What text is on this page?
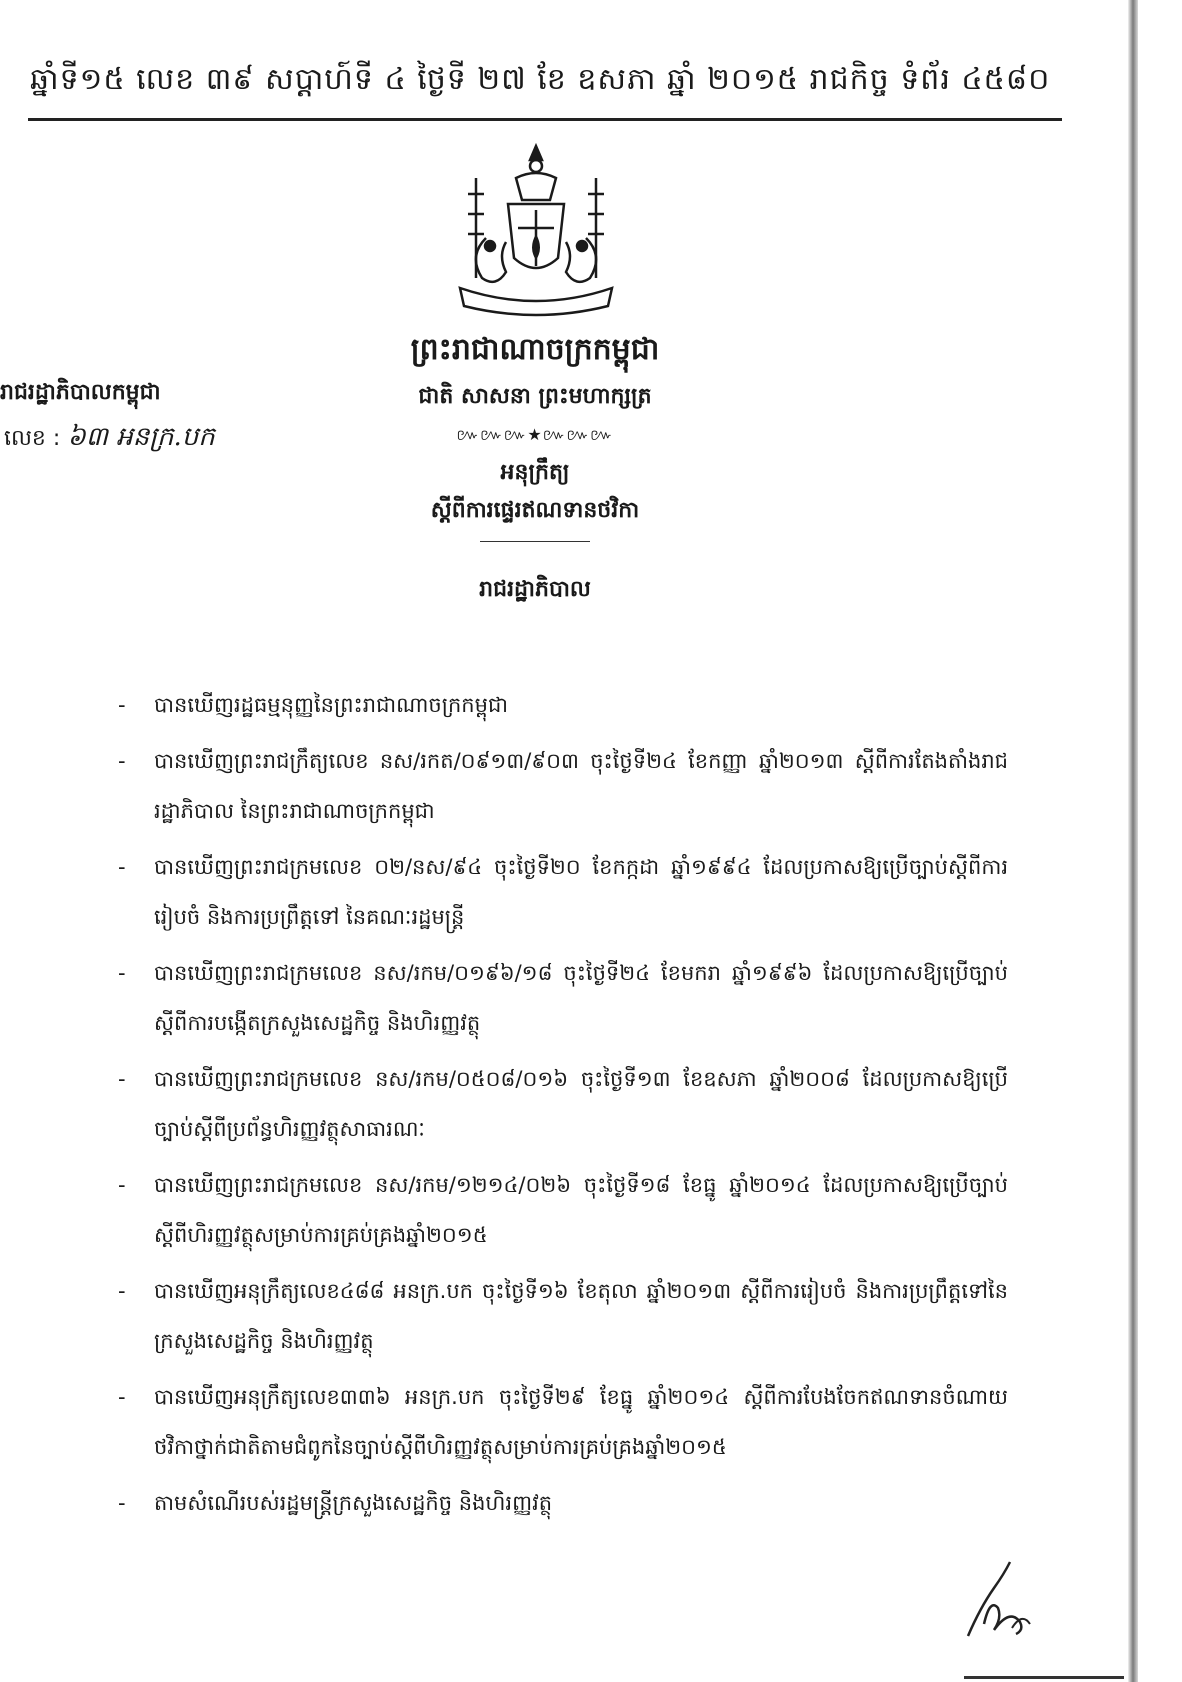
ឆ្នាំទី១៥ លេខ ៣៩ សប្តាហ៍ទី ៤ ថ្ងៃទី ២៧ ខែ ឧសភា ឆ្នាំ ២០១៥ រាជកិច្ច ទំព័រ ៤៥៨០
ព្រះរាជាណាចក្រកម្ពុជា
ជាតិ សាសនា ព្រះមហាក្សត្រ
៚៚៚★៚៚៚
រាជរដ្ឋាភិបាលកម្ពុជា
លេខ : ៦៣ អនក្រ.បក
អនុក្រឹត្យ
ស្តីពីការផ្ទេរឥណទានថវិកា
រាជរដ្ឋាភិបាល
- បានឃើញរដ្ឋធម្មនុញ្ញនៃព្រះរាជាណាចក្រកម្ពុជា
- បានឃើញព្រះរាជក្រឹត្យលេខ នស/រកត/០៩១៣/៩០៣ ចុះថ្ងៃទី២៤ ខែកញ្ញា ឆ្នាំ២០១៣ ស្តីពីការតែងតាំងរាជរដ្ឋាភិបាល នៃព្រះរាជាណាចក្រកម្ពុជា
- បានឃើញព្រះរាជក្រមលេខ ០២/នស/៩៤ ចុះថ្ងៃទី២០ ខែកក្កដា ឆ្នាំ១៩៩៤ ដែលប្រកាសឱ្យប្រើច្បាប់ស្តីពីការរៀបចំ និងការប្រព្រឹត្តទៅ នៃគណៈរដ្ឋមន្ត្រី
- បានឃើញព្រះរាជក្រមលេខ នស/រកម/០១៩៦/១៨ ចុះថ្ងៃទី២៤ ខែមករា ឆ្នាំ១៩៩៦ ដែលប្រកាសឱ្យប្រើច្បាប់ស្តីពីការបង្កើតក្រសួងសេដ្ឋកិច្ច និងហិរញ្ញវត្ថុ
- បានឃើញព្រះរាជក្រមលេខ នស/រកម/០៥០៨/០១៦ ចុះថ្ងៃទី១៣ ខែឧសភា ឆ្នាំ២០០៨ ដែលប្រកាសឱ្យប្រើច្បាប់ស្តីពីប្រព័ន្ធហិរញ្ញវត្ថុសាធារណៈ
- បានឃើញព្រះរាជក្រមលេខ នស/រកម/១២១៤/០២៦ ចុះថ្ងៃទី១៨ ខែធ្នូ ឆ្នាំ២០១៤ ដែលប្រកាសឱ្យប្រើច្បាប់ស្តីពីហិរញ្ញវត្ថុសម្រាប់ការគ្រប់គ្រងឆ្នាំ២០១៥
- បានឃើញអនុក្រឹត្យលេខ៤៨៨ អនក្រ.បក ចុះថ្ងៃទី១៦ ខែតុលា ឆ្នាំ២០១៣ ស្តីពីការរៀបចំ និងការប្រព្រឹត្តទៅនៃក្រសួងសេដ្ឋកិច្ច និងហិរញ្ញវត្ថុ
- បានឃើញអនុក្រឹត្យលេខ៣៣៦ អនក្រ.បក ចុះថ្ងៃទី២៩ ខែធ្នូ ឆ្នាំ២០១៤ ស្តីពីការបែងចែកឥណទានចំណាយថវិកាថ្នាក់ជាតិតាមជំពូកនៃច្បាប់ស្តីពីហិរញ្ញវត្ថុសម្រាប់ការគ្រប់គ្រងឆ្នាំ២០១៥
- តាមសំណើរបស់រដ្ឋមន្ត្រីក្រសួងសេដ្ឋកិច្ច និងហិរញ្ញវត្ថុ
